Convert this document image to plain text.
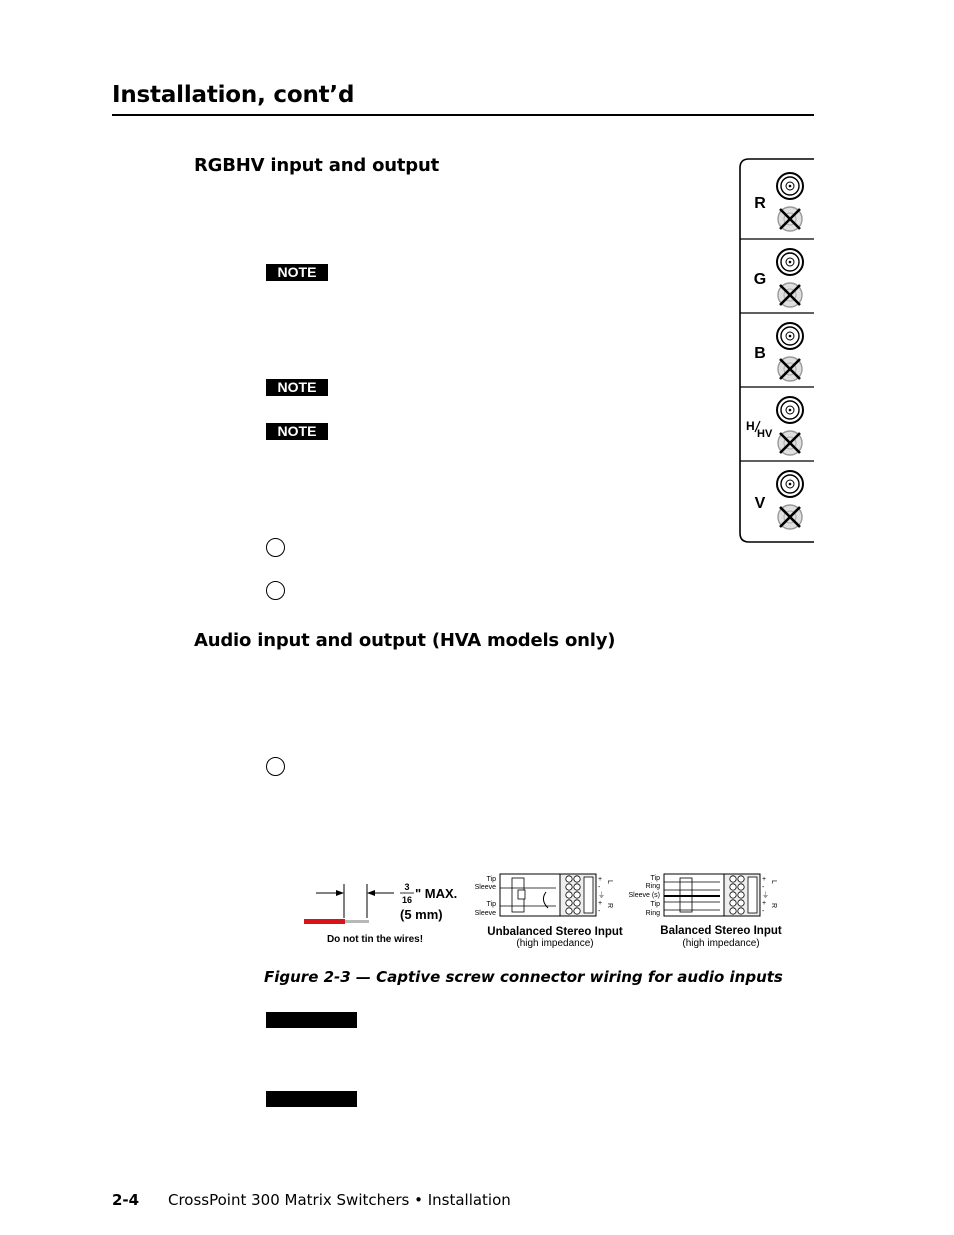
Installation, cont’d
RGBHV input and output
Audio input and output (HVA models only)
NOTE
NOTE
NOTE
R
G
B
H
HV
V
3
16 " MAX.
(5 mm)
Do not tin the wires!
Tip
Sleeve
Tip
Sleeve
+
-
⏚
+
-
L
R
Unbalanced Stereo Input
(high impedance)
Tip
Ring
Sleeve (s)
Tip
Ring
+
-
⏚
+
-
L
R
Balanced Stereo Input
(high impedance)
Figure 2-3 — Captive screw connector wiring for audio inputs
2-4 CrossPoint 300 Matrix Switchers • Installation
